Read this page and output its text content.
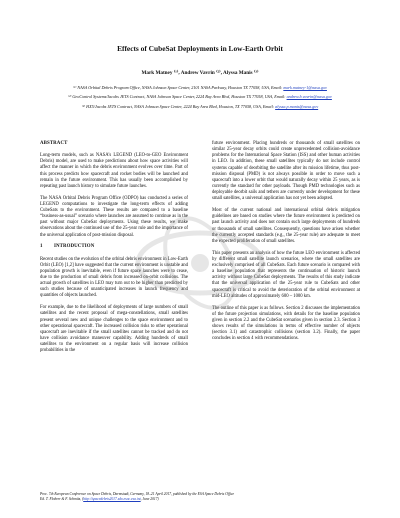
Effects of CubeSat Deployments in Low-Earth Orbit
Mark Matney ⁽¹⁾, Andrew Vavrin ⁽²⁾, Alyssa Manis ⁽³⁾
⁽¹⁾ NASA Orbital Debris Program Office, NASA Johnson Space Center, 2101 NASA Parkway, Houston TX 77058, USA, Email: mark.matney-1@nasa.gov
⁽²⁾ GeoControl Systems/Jacobs JETS Contract, NASA Johnson Space Center, 2224 Bay Area Blvd, Houston TX 77058, USA, Email: andrew.b.vavrin@nasa.gov
⁽³⁾ HX5/Jacobs JETS Contract, NASA Johnson Space Center, 2224 Bay Area Blvd, Houston, TX 77058, USA, Email: alyssa.p.manis@nasa.gov
ABSTRACT

Long-term models, such as NASA’s LEGEND (LEO-to-GEO Environment Debris) model, are used to make predictions about how space activities will affect the manner in which the debris environment evolves over time. Part of this process predicts how spacecraft and rocket bodies will be launched and remain in the future environment. This has usually been accomplished by repeating past launch history to simulate future launches.

The NASA Orbital Debris Program Office (ODPO) has conducted a series of LEGEND computations to investigate the long-term effects of adding CubeSats to the environment. These results are compared to a baseline “business-as-usual” scenario where launches are assumed to continue as in the past without major CubeSat deployments. Using these results, we make observations about the continued use of the 25-year rule and the importance of the universal application of post-mission disposal.

1 INTRODUCTION

Recent studies on the evolution of the orbital debris environment in Low-Earth Orbit (LEO) [1,2] have suggested that the current environment is unstable and population growth is inevitable, even if future space launches were to cease, due to the production of small debris from increased on-orbit collisions. The actual growth of satellites in LEO may turn out to be higher than predicted by such studies because of unanticipated increases in launch frequency and quantities of objects launched.

For example, due to the likelihood of deployments of large numbers of small satellites and the recent proposal of mega-constellations, small satellites present several new and unique challenges to the space environment and to other operational spacecraft. The increased collision risks to other operational spacecraft are inevitable if the small satellites cannot be tracked and do not have collision avoidance maneuver capability. Adding hundreds of small satellites to the environment on a regular basis will increase collision probabilities in the

future environment. Placing hundreds or thousands of small satellites on similar 25-year decay orbits could create unprecedented collision-avoidance problems for the International Space Station (ISS) and other human activities in LEO. In addition, these small satellites typically do not include control systems capable of deorbiting the satellite after its mission lifetime, thus post-mission disposal (PMD) is not always possible in order to move such a spacecraft into a lower orbit that would naturally decay within 25 years, as is currently the standard for other payloads. Though PMD technologies such as deployable deorbit sails and tethers are currently under development for these small satellites, a universal application has not yet been adopted.

Most of the current national and international orbital debris mitigation guidelines are based on studies where the future environment is predicted on past launch activity and does not contain such large deployments of hundreds or thousands of small satellites. Consequently, questions have arisen whether the currently accepted standards (e.g., the 25-year rule) are adequate to meet the expected proliferation of small satellites.

This paper presents an analysis of how the future LEO environment is affected by different small satellite launch scenarios, where the small satellites are exclusively comprised of all CubeSats. Each future scenario is compared with a baseline population that represents the continuation of historic launch activity without large CubeSat deployments. The results of this study indicate that the universal application of the 25-year rule to CubeSats and other spacecraft is critical to avoid the deterioration of the orbital environment at mid-LEO altitudes of approximately 600 – 1000 km.

The outline of this paper is as follows. Section 2 discusses the implementation of the future projection simulations, with details for the baseline population given in section 2.2 and the CubeSat scenarios given in section 2.3. Section 3 shows results of the simulations in terms of effective number of objects (section 3.1) and catastrophic collisions (section 3.2). Finally, the paper concludes in section 4 with recommendations.

Proc. 7th European Conference on Space Debris, Darmstadt, Germany, 18–21 April 2017, published by the ESA Space Debris Office
Ed. T. Flohrer & F. Schmitz, (http://spacedebris2017.sdo.esoc.esa.int, June 2017)
